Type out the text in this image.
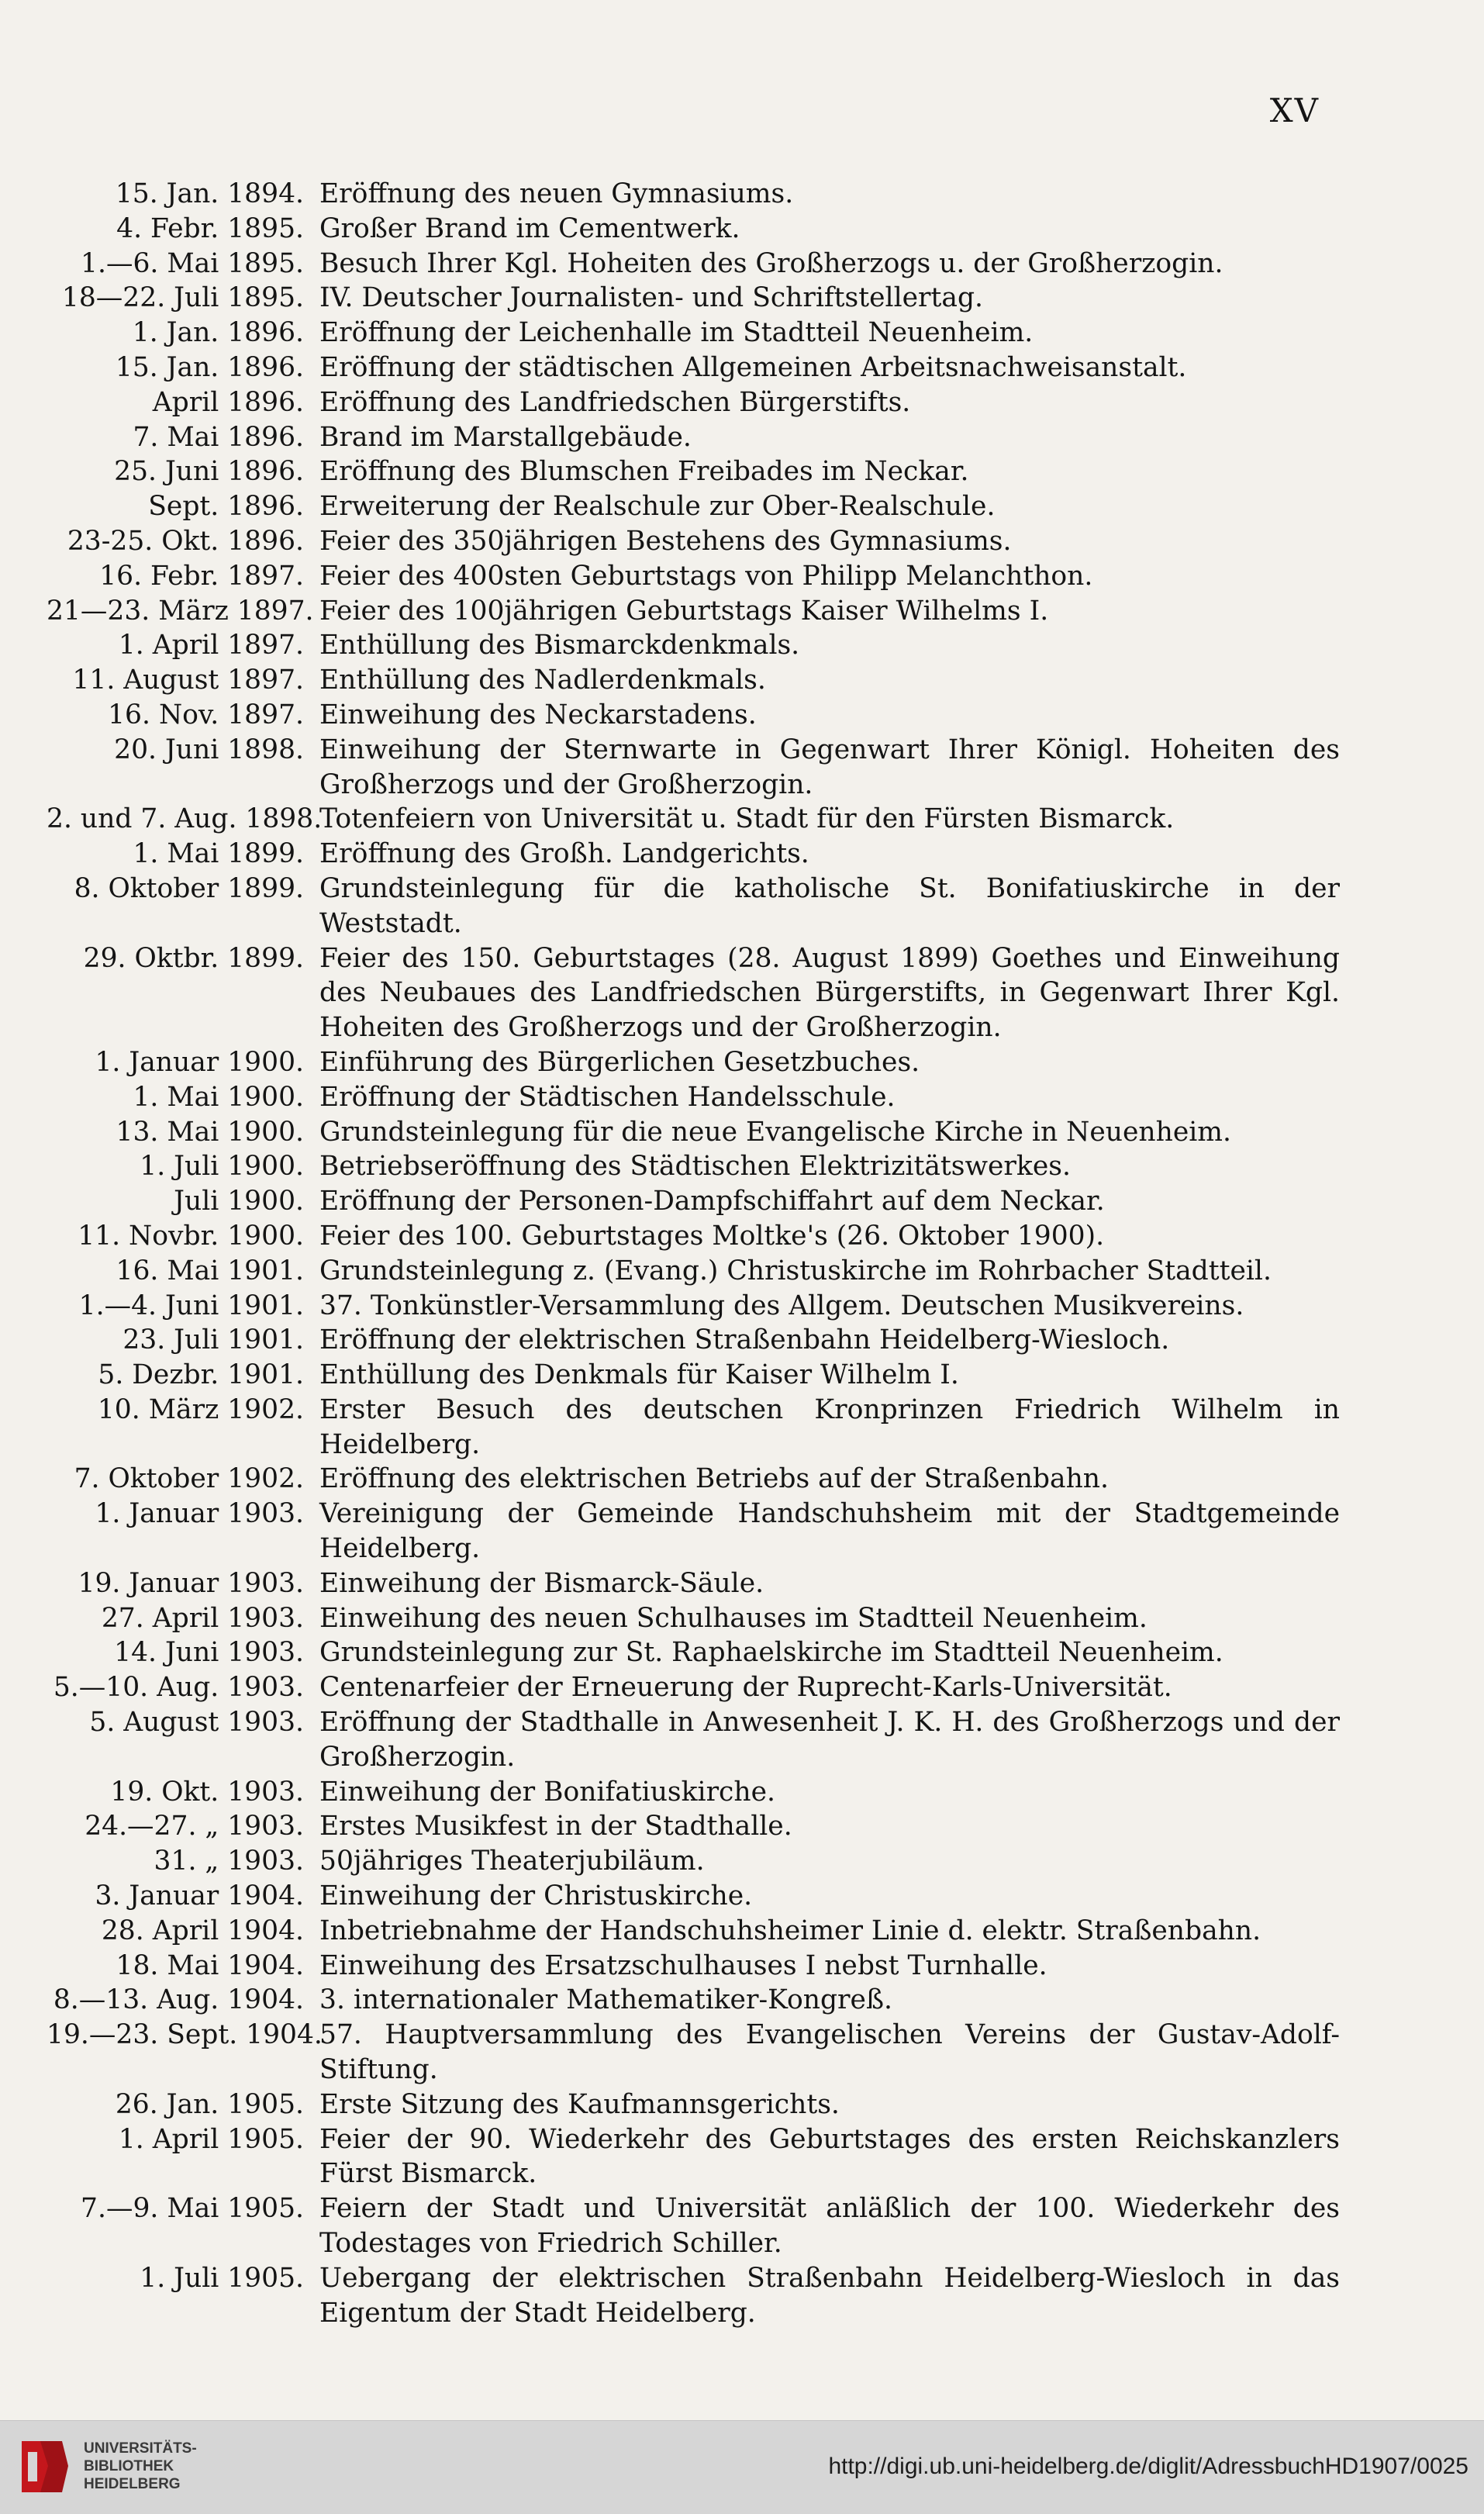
XV
15. Jan. 1894. Eröffnung des neuen Gymnasiums.
4. Febr. 1895. Großer Brand im Cementwerk.
1.—6. Mai 1895. Besuch Ihrer Kgl. Hoheiten des Großherzogs u. der Großherzogin.
18—22. Juli 1895. IV. Deutscher Journalisten- und Schriftstellertag.
1. Jan. 1896. Eröffnung der Leichenhalle im Stadtteil Neuenheim.
15. Jan. 1896. Eröffnung der städtischen Allgemeinen Arbeitsnachweisanstalt.
April 1896. Eröffnung des Landfriedschen Bürgerstifts.
7. Mai 1896. Brand im Marstallgebäude.
25. Juni 1896. Eröffnung des Blumschen Freibades im Neckar.
Sept. 1896. Erweiterung der Realschule zur Ober-Realschule.
23-25. Okt. 1896. Feier des 350jährigen Bestehens des Gymnasiums.
16. Febr. 1897. Feier des 400sten Geburtstags von Philipp Melanchthon.
21—23. März 1897. Feier des 100jährigen Geburtstags Kaiser Wilhelms I.
1. April 1897. Enthüllung des Bismarckdenkmals.
11. August 1897. Enthüllung des Nadlerdenkmals.
16. Nov. 1897. Einweihung des Neckarstadens.
20. Juni 1898. Einweihung der Sternwarte in Gegenwart Ihrer Königl. Hoheiten des Großherzogs und der Großherzogin.
2. und 7. Aug. 1898.
Totenfeiern von Universität u. Stadt für den Fürsten Bismarck.
1. Mai 1899. Eröffnung des Großh. Landgerichts.
8. Oktober 1899. Grundsteinlegung für die katholische St. Bonifatiuskirche in der Weststadt.
29. Oktbr. 1899. Feier des 150. Geburtstages (28. August 1899) Goethes und Einweihung des Neubaues des Landfriedschen Bürgerstifts, in Gegenwart Ihrer Kgl. Hoheiten des Großherzogs und der Großherzogin.
1. Januar 1900. Einführung des Bürgerlichen Gesetzbuches.
1. Mai 1900. Eröffnung der Städtischen Handelsschule.
13. Mai 1900. Grundsteinlegung für die neue Evangelische Kirche in Neuenheim.
1. Juli 1900. Betriebseröffnung des Städtischen Elektrizitätswerkes.
Juli 1900. Eröffnung der Personen-Dampfschiffahrt auf dem Neckar.
11. Novbr. 1900. Feier des 100. Geburtstages Moltke's (26. Oktober 1900).
16. Mai 1901. Grundsteinlegung z. (Evang.) Christuskirche im Rohrbacher Stadtteil.
1.—4. Juni 1901. 37. Tonkünstler-Versammlung des Allgem. Deutschen Musikvereins.
23. Juli 1901. Eröffnung der elektrischen Straßenbahn Heidelberg-Wiesloch.
5. Dezbr. 1901. Enthüllung des Denkmals für Kaiser Wilhelm I.
10. März 1902. Erster Besuch des deutschen Kronprinzen Friedrich Wilhelm in Heidelberg.
7. Oktober 1902. Eröffnung des elektrischen Betriebs auf der Straßenbahn.
1. Januar 1903. Vereinigung der Gemeinde Handschuhsheim mit der Stadtgemeinde Heidelberg.
19. Januar 1903. Einweihung der Bismarck-Säule.
27. April 1903. Einweihung des neuen Schulhauses im Stadtteil Neuenheim.
14. Juni 1903. Grundsteinlegung zur St. Raphaelskirche im Stadtteil Neuenheim.
5.—10. Aug. 1903. Centenarfeier der Erneuerung der Ruprecht-Karls-Universität.
5. August 1903. Eröffnung der Stadthalle in Anwesenheit J. K. H. des Großherzogs und der Großherzogin.
19. Okt. 1903. Einweihung der Bonifatiuskirche.
24.—27. „ 1903. Erstes Musikfest in der Stadthalle.
31. „ 1903. 50jähriges Theaterjubiläum.
3. Januar 1904. Einweihung der Christuskirche.
28. April 1904. Inbetriebnahme der Handschuhsheimer Linie d. elektr. Straßenbahn.
18. Mai 1904. Einweihung des Ersatzschulhauses I nebst Turnhalle.
8.—13. Aug. 1904. 3. internationaler Mathematiker-Kongreß.
19.—23. Sept. 1904.
57. Hauptversammlung des Evangelischen Vereins der Gustav-Adolf-Stiftung.
26. Jan. 1905. Erste Sitzung des Kaufmannsgerichts.
1. April 1905. Feier der 90. Wiederkehr des Geburtstages des ersten Reichskanzlers Fürst Bismarck.
7.—9. Mai 1905. Feiern der Stadt und Universität anläßlich der 100. Wiederkehr des Todestages von Friedrich Schiller.
1. Juli 1905. Uebergang der elektrischen Straßenbahn Heidelberg-Wiesloch in das Eigentum der Stadt Heidelberg.
UNIVERSITÄTS-
BIBLIOTHEK
HEIDELBERG
http://digi.ub.uni-heidelberg.de/diglit/AdressbuchHD1907/0025
